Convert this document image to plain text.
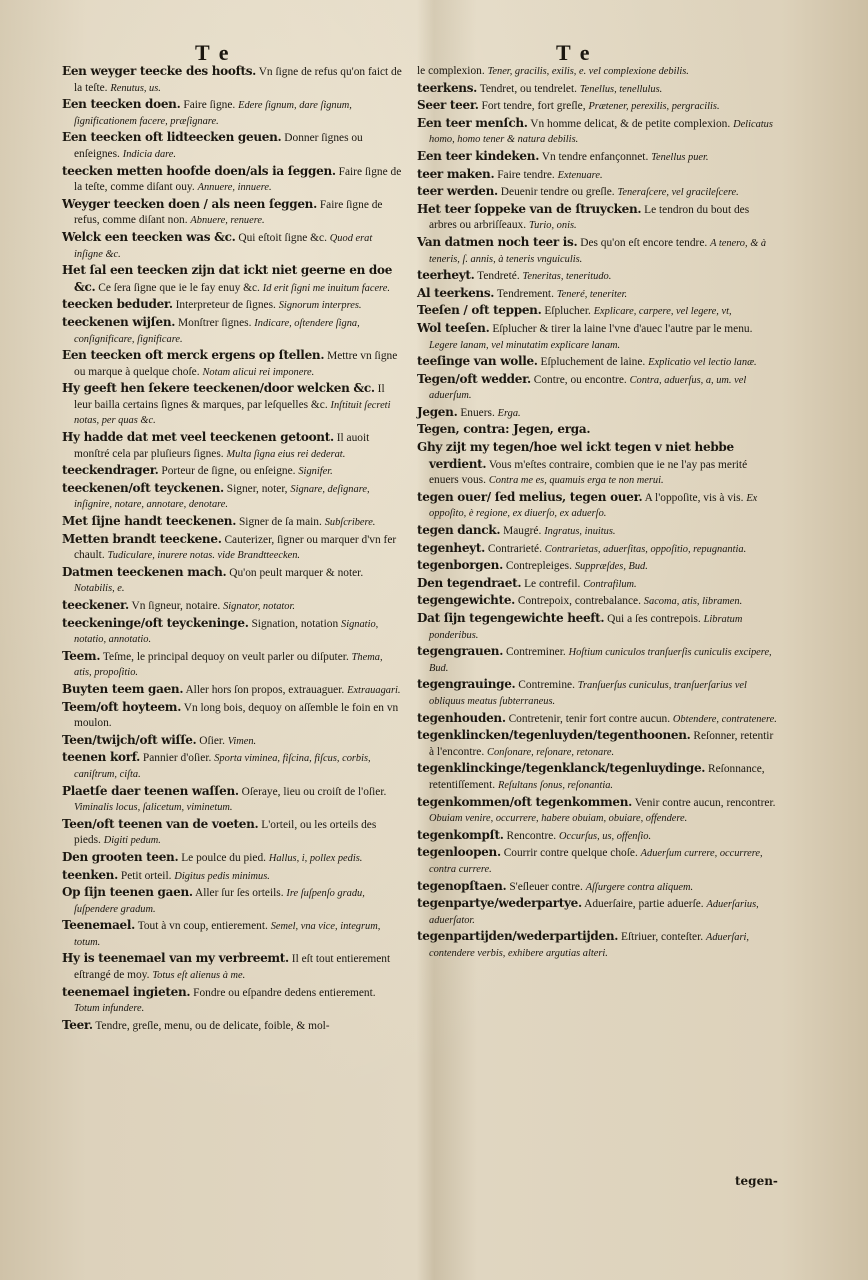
T e	T e
Een weyger teecke des hoofts. Vn ſigne de refus qu'on faict de la teſte. Renutus, us.
Een teecken doen. Faire ſigne. Edere ſignum, dare ſignum, ſignificationem facere, præſignare.
Een teecken oft lidteecken geuen. Donner ſignes ou enſeignes. Indicia dare.
teecken metten hoofde doen/als ia ſeggen. Faire ſigne de la teſte, comme diſant ouy. Annuere, innuere.
Weyger teecken doen / als neen ſeggen. Faire ſigne de refus, comme diſant non. Abnuere, renuere.
Welck een teecken was &c. Qui eſtoit ſigne &c. Quod erat inſigne &c.
Het ſal een teecken zijn dat ickt niet geerne en doe &c. Ce ſera ſigne que ie le fay enuy &c. Id erit ſigni me inuitum facere.
teecken beduder. Interpreteur de ſignes. Signorum interpres.
teeckenen wijſen. Monſtrer ſignes. Indicare, oſtendere ſigna, conſignificare, ſignificare.
Een teecken oft merck ergens op ſtellen. Mettre vn ſigne ou marque à quelque choſe. Notam alicui rei imponere.
Hy geeft hen ſekere teeckenen/door welcken &c. Il leur bailla certains ſignes & marques, par leſquelles &c. Inſtituit ſecreti notas, per quas &c.
Hy hadde dat met veel teeckenen getoont. Il auoit monſtré cela par pluſieurs ſignes. Multa ſigna eius rei dederat.
teeckendrager. Porteur de ſigne, ou enſeigne. Signifer.
teeckenen/oft teyckenen. Signer, noter, Signare, deſignare, inſignire, notare, annotare, denotare.
Met ſijne handt teeckenen. Signer de ſa main. Subſcribere.
Metten brandt teeckene. Cauterizer, ſigner ou marquer d'vn fer chault. Tudiculare, inurere notas. vide Brandtteecken.
Datmen teeckenen mach. Qu'on peult marquer & noter. Notabilis, e.
teeckener. Vn ſigneur, notaire. Signator, notator.
teeckeninge/oft teyckeninge. Signation, notation Signatio, notatio, annotatio.
Teem. Teſme, le principal dequoy on veult parler ou diſputer. Thema, atis, propoſitio.
Buyten teem gaen. Aller hors ſon propos, extrauaguer. Extrauagari.
Teem/oft hoyteem. Vn long bois, dequoy on aſſemble le foin en vn moulon.
Teen/twijch/oft wiſſe. Oſier. Vimen.
teenen korf. Pannier d'oſier. Sporta viminea, fiſcina, fiſcus, corbis, caniſtrum, ciſta.
Plaetſe daer teenen waſſen. Oſeraye, lieu ou croiſt de l'oſier. Viminalis locus, ſalicetum, viminetum.
Teen/oft teenen van de voeten. L'orteil, ou les orteils des pieds. Digiti pedum.
Den grooten teen. Le poulce du pied. Hallus, i, pollex pedis.
teenken. Petit orteil. Digitus pedis minimus.
Op ſijn teenen gaen. Aller ſur ſes orteils. Ire ſuſpenſo gradu, ſuſpendere gradum.
Teenemael. Tout à vn coup, entierement. Semel, vna vice, integrum, totum.
Hy is teenemael van my verbreemt. Il eſt tout entierement eſtrangé de moy. Totus eſt alienus à me.
teenemael ingieten. Fondre ou eſpandre dedens entierement. Totum infundere.
Teer. Tendre, greſle, menu, ou de delicate, foible, & mol-
le complexion. Tener, gracilis, exilis, e. vel complexione debilis.
teerkens. Tendret, ou tendrelet. Tenellus, tenellulus.
Seer teer. Fort tendre, fort greſle, Prætener, perexilis, pergracilis.
Een teer menſch. Vn homme delicat, & de petite complexion. Delicatus homo, homo tener & natura debilis.
Een teer kindeken. Vn tendre enfançonnet. Tenellus puer.
teer maken. Faire tendre. Extenuare.
teer werden. Deuenir tendre ou greſle. Teneraſcere, vel gracileſcere.
Het teer ſoppeke van de ſtruycken. Le tendron du bout des arbres ou arbriſſeaux. Turio, onis.
Van datmen noch teer is. Des qu'on eſt encore tendre. A tenero, & à teneris, ſ. annis, à teneris vnguiculis.
teerheyt. Tendreté. Teneritas, teneritudo.
Al teerkens. Tendrement. Teneré, teneriter.
Teeſen / oft teppen. Eſplucher. Explicare, carpere, vel legere, vt,
Wol teeſen. Eſplucher & tirer la laine l'vne d'auec l'autre par le menu. Legere lanam, vel minutatim explicare lanam.
teeſinge van wolle. Eſpluchement de laine. Explicatio vel lectio lanæ.
Tegen/oft wedder. Contre, ou encontre. Contra, aduerſus, a, um. vel aduerſum.
Jegen. Enuers. Erga.
Tegen, contra: Jegen, erga.
Ghy zijt my tegen/hoe wel ickt tegen v niet hebbe verdient. Vous m'eſtes contraire, combien que ie ne l'ay pas merité enuers vous. Contra me es, quamuis erga te non merui.
tegen ouer/ ſed melius, tegen ouer. A l'oppoſite, vis à vis. Ex oppoſito, è regione, ex diuerſo, ex aduerſo.
tegen danck. Maugré. Ingratus, inuitus.
tegenheyt. Contrarieté. Contrarietas, aduerſitas, oppoſitio, repugnantia.
tegenborgen. Contrepleiges. Suppræſdes, Bud.
Den tegendraet. Le contrefil. Contrafilum.
tegengewichte. Contrepoix, contrebalance. Sacoma, atis, libramen.
Dat ſijn tegengewichte heeft. Qui a ſes contrepois. Libratum ponderibus.
tegengrauen. Contreminer. Hoſtium cuniculos tranſuerſis cuniculis excipere, Bud.
tegengrauinge. Contremine. Tranſuerſus cuniculus, tranſuerſarius vel obliquus meatus ſubterraneus.
tegenhouden. Contretenir, tenir fort contre aucun. Obtendere, contratenere.
tegenklincken/tegenluyden/tegenthoonen. Reſonner, retentir à l'encontre. Conſonare, reſonare, retonare.
tegenklinckinge/tegenklanck/tegenluydinge. Reſonnance, retentiſſement. Reſultans ſonus, reſonantia.
tegenkommen/oft tegenkommen. Venir contre aucun, rencontrer. Obuiam venire, occurrere, habere obuiam, obuiare, offendere.
tegenkompſt. Rencontre. Occurſus, us, offenſio.
tegenloopen. Courrir contre quelque choſe. Aduerſum currere, occurrere, contra currere.
tegenopſtaen. S'eſleuer contre. Aſſurgere contra aliquem.
tegenpartye/wederpartye. Aduerſaire, partie aduerſe. Aduerſarius, aduerſator.
tegenpartijden/wederpartijden. Eſtriuer, conteſter. Aduerſari, contendere verbis, exhibere argutias alteri.
tegen-
